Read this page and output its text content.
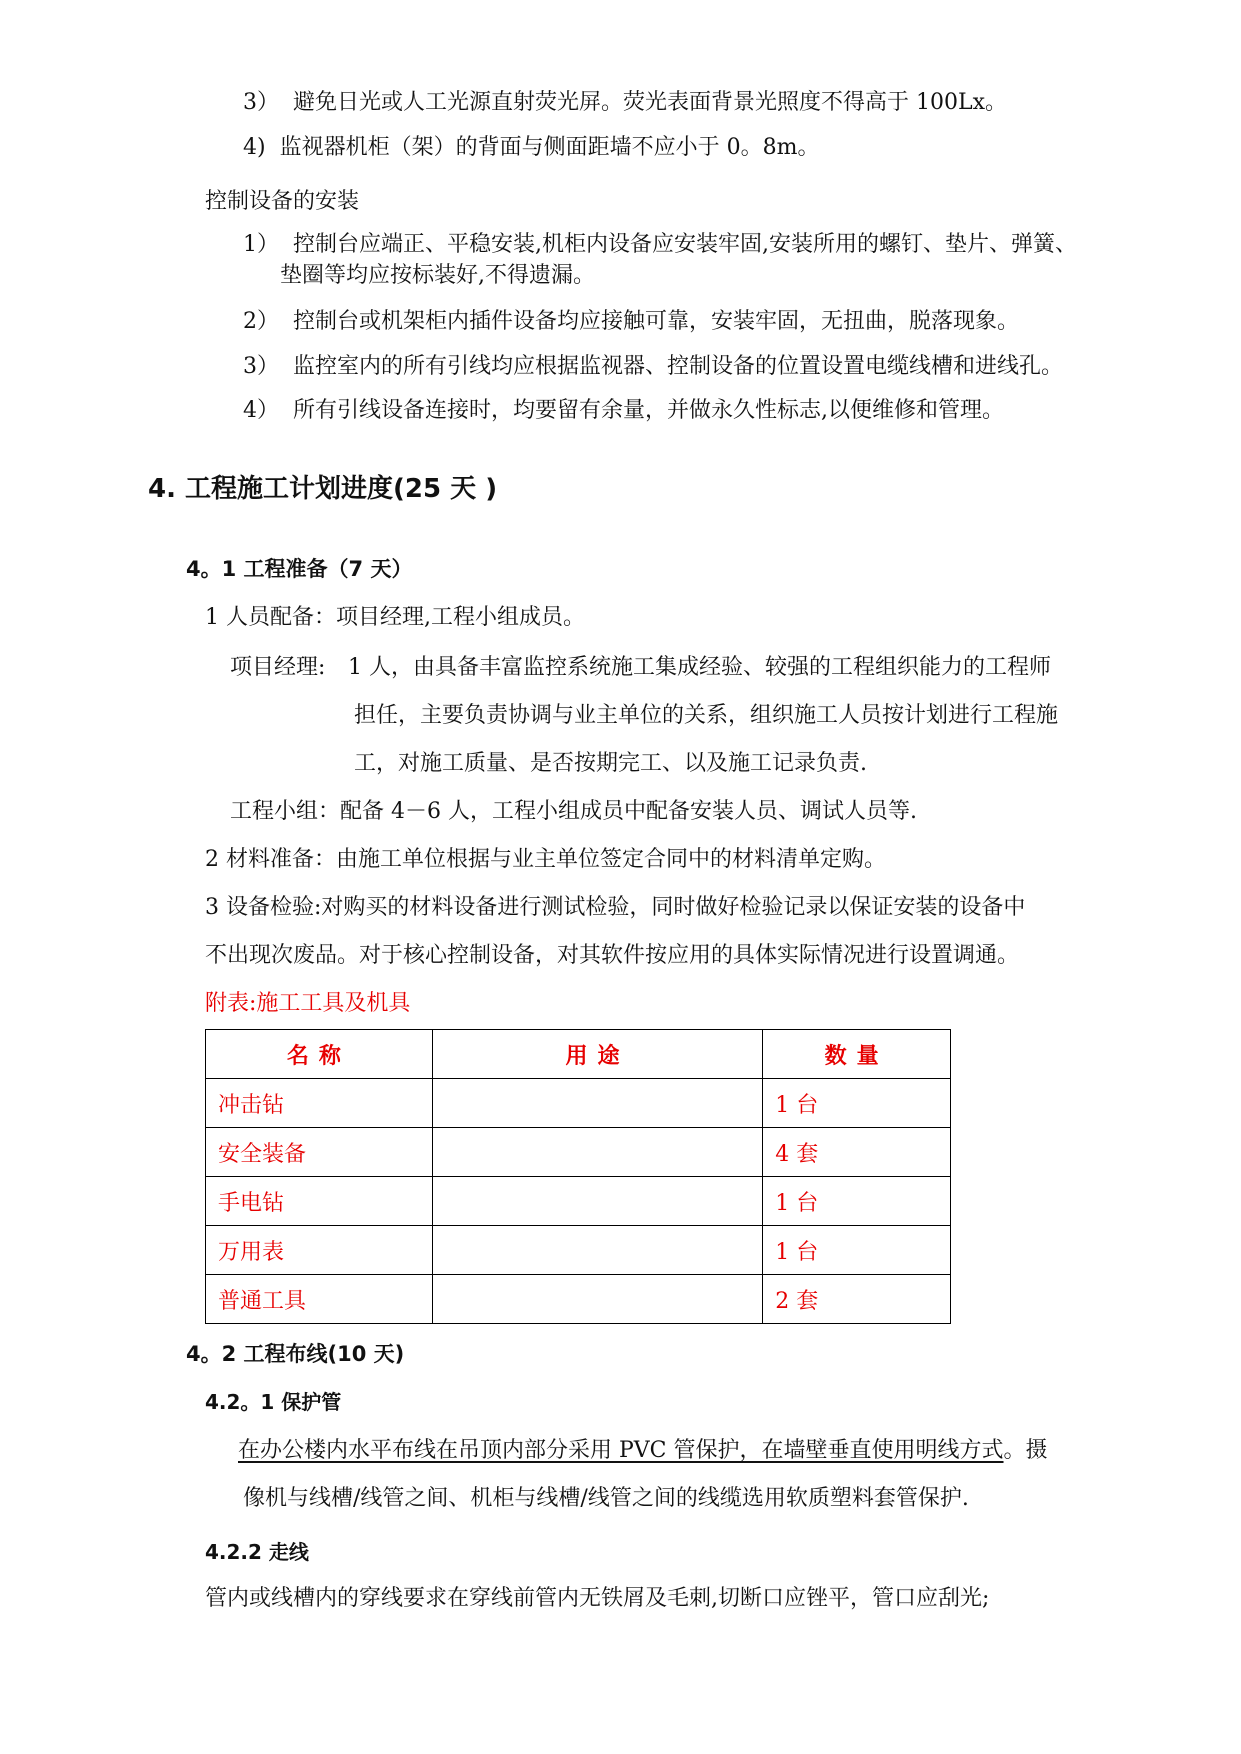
3） 避免日光或人工光源直射荧光屏。荧光表面背景光照度不得高于 100Lx。
4) 监视器机柜（架）的背面与侧面距墙不应小于 0。8m。
控制设备的安装
1） 控制台应端正、平稳安装,机柜内设备应安装牢固,安装所用的螺钉、垫片、弹簧、
垫圈等均应按标装好,不得遗漏。
2） 控制台或机架柜内插件设备均应接触可靠，安装牢固，无扭曲，脱落现象。
3） 监控室内的所有引线均应根据监视器、控制设备的位置设置电缆线槽和进线孔。
4） 所有引线设备连接时，均要留有余量，并做永久性标志,以便维修和管理。
4. 工程施工计划进度(25 天 )
4。1 工程准备（7 天）
1 人员配备：项目经理,工程小组成员。
项目经理: 1 人，由具备丰富监控系统施工集成经验、较强的工程组织能力的工程师
担任，主要负责协调与业主单位的关系，组织施工人员按计划进行工程施
工，对施工质量、是否按期完工、以及施工记录负责.
工程小组：配备 4－6 人，工程小组成员中配备安装人员、调试人员等.
2 材料准备：由施工单位根据与业主单位签定合同中的材料清单定购。
3 设备检验:对购买的材料设备进行测试检验，同时做好检验记录以保证安装的设备中
不出现次废品。对于核心控制设备，对其软件按应用的具体实际情况进行设置调通。
附表:施工工具及机具
名称	用途	数量
冲击钻		1 台
安全装备		4 套
手电钻		1 台
万用表		1 台
普通工具		2 套
4。2 工程布线(10 天)
4.2。1 保护管
在办公楼内水平布线在吊顶内部分采用 PVC 管保护，在墙壁垂直使用明线方式。摄
像机与线槽/线管之间、机柜与线槽/线管之间的线缆选用软质塑料套管保护.
4.2.2 走线
管内或线槽内的穿线要求在穿线前管内无铁屑及毛刺,切断口应锉平，管口应刮光;
